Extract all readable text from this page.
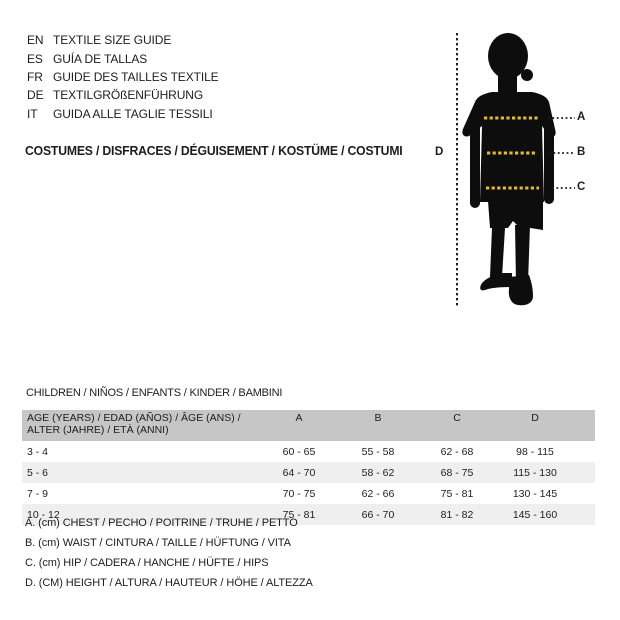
EN TEXTILE SIZE GUIDE
ES GUÍA DE TALLAS
FR GUIDE DES TAILLES TEXTILE
DE TEXTILGRÖßENFÜHRUNG
IT	GUIDA ALLE TAGLIE TESSILI
COSTUMES / DISFRACES / DÉGUISEMENT / KOSTÜME / COSTUMI
A
B
C
D
CHILDREN / NIÑOS / ENFANTS / KINDER / BAMBINI
AGE (YEARS) / EDAD (AÑOS) / ÂGE (ANS) /
ALTER (JAHRE) / ETÀ (ANNI)
A	B	C	D
3 - 4	60 - 65	55 - 58	62 - 68	98 - 115
5 - 6	64 - 70	58 - 62	68 - 75	115 - 130
7 - 9	70 - 75	62 - 66	75 - 81	130 - 145
10 - 12	75 - 81	66 - 70	81 - 82	145 - 160
A. (cm) CHEST / PECHO / POITRINE / TRUHE / PETTO
B. (cm) WAIST / CINTURA / TAILLE / HÜFTUNG / VITA
C. (cm) HIP / CADERA / HANCHE / HÜFTE / HIPS
D. (CM) HEIGHT / ALTURA / HAUTEUR / HÖHE / ALTEZZA
